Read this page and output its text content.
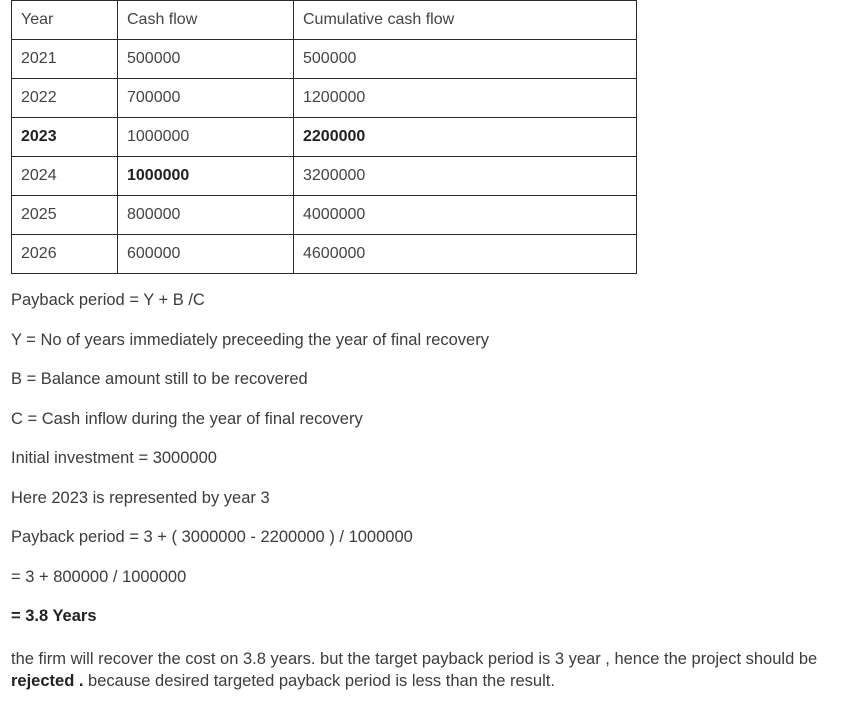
Year	Cash flow	Cumulative cash flow
2021	500000	500000
2022	700000	1200000
2023	1000000	2200000
2024	1000000	3200000
2025	800000	4000000
2026	600000	4600000
Payback period = Y + B /C
Y = No of years immediately preceeding the year of final recovery
B = Balance amount still to be recovered
C = Cash inflow during the year of final recovery
Initial investment = 3000000
Here 2023 is represented by year 3
Payback period = 3 + ( 3000000 - 2200000 ) / 1000000
= 3 + 800000 / 1000000
= 3.8 Years
the firm will recover the cost on 3.8 years. but the target payback period is 3 year , hence the project should be rejected . because desired targeted payback period is less than the result.
